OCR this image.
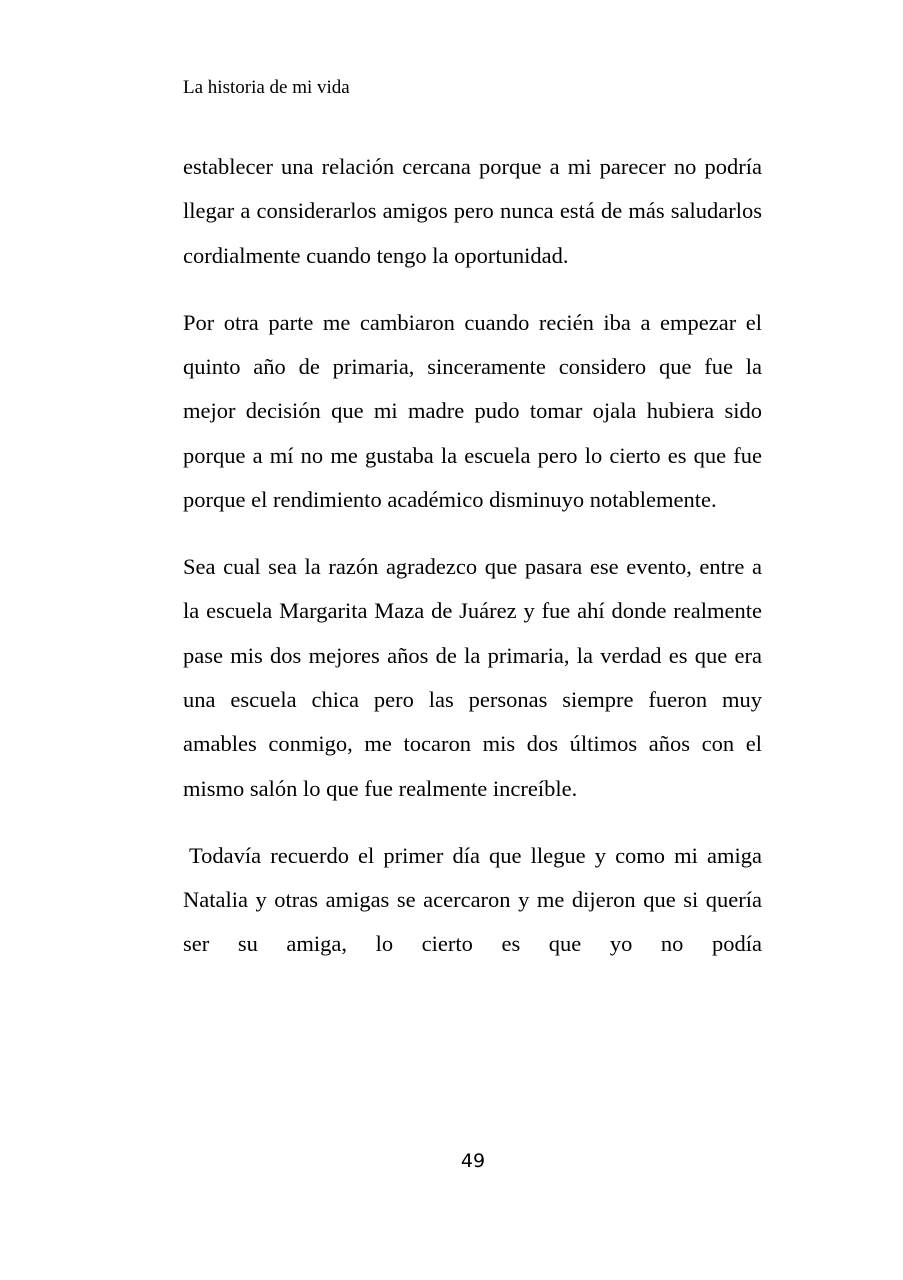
La historia de mi vida

establecer una relación cercana porque a mi parecer no podría llegar a considerarlos amigos pero nunca está de más saludarlos cordialmente cuando tengo la oportunidad.

Por otra parte me cambiaron cuando recién iba a empezar el quinto año de primaria, sinceramente considero que fue la mejor decisión que mi madre pudo tomar ojala hubiera sido porque a mí no me gustaba la escuela pero lo cierto es que fue porque el rendimiento académico disminuyo notablemente.

Sea cual sea la razón agradezco que pasara ese evento, entre a la escuela Margarita Maza de Juárez y fue ahí donde realmente pase mis dos mejores años de la primaria, la verdad es que era una escuela chica pero las personas siempre fueron muy amables conmigo, me tocaron mis dos últimos años con el mismo salón lo que fue realmente increíble.

Todavía recuerdo el primer día que llegue y como mi amiga Natalia y otras amigas se acercaron y me dijeron que si quería ser su amiga, lo cierto es que yo no podía

49
